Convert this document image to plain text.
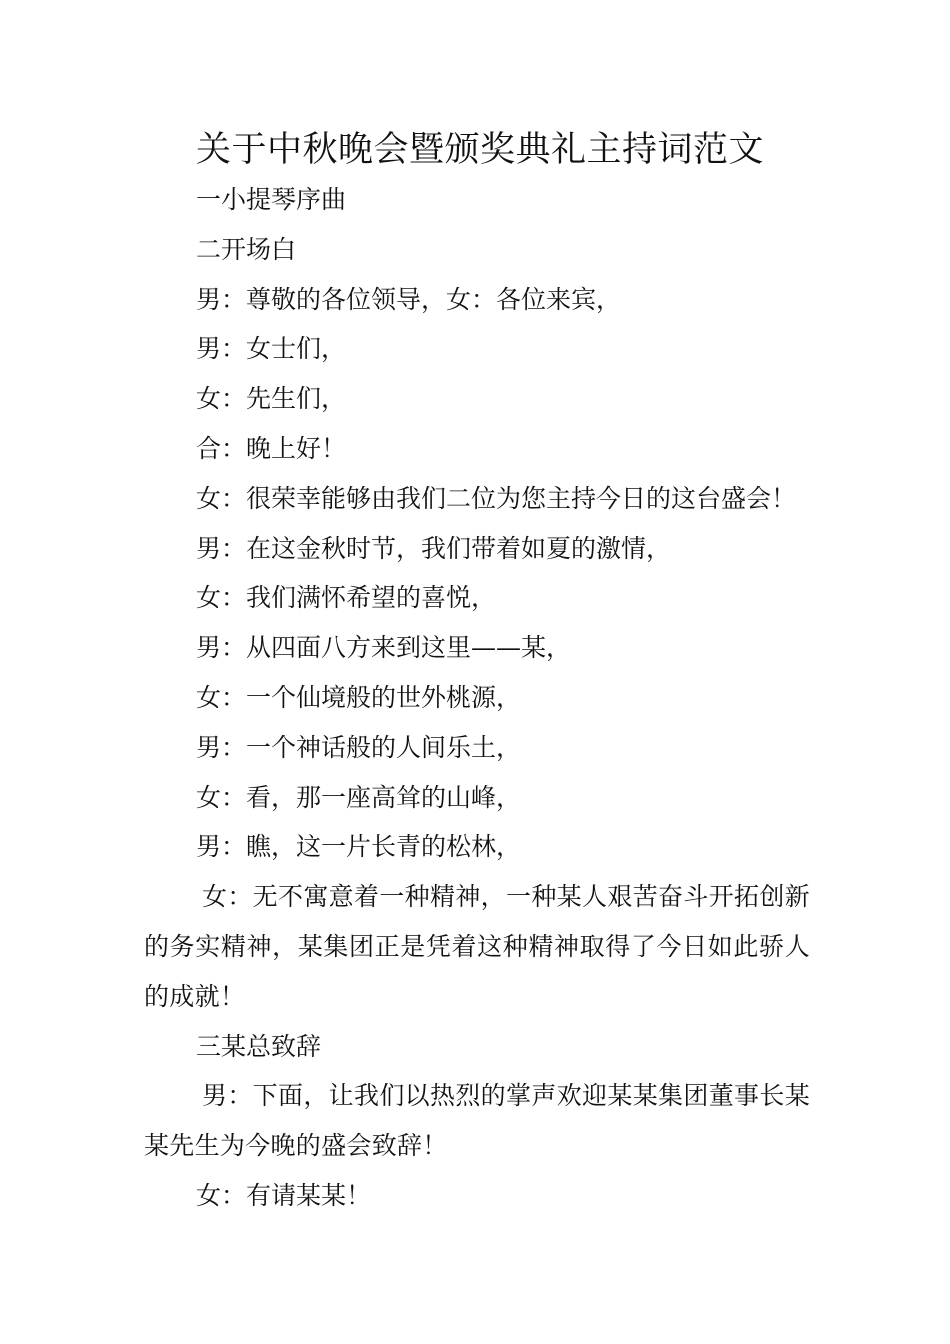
关于中秋晚会暨颁奖典礼主持词范文

一小提琴序曲

二开场白

男：尊敬的各位领导，女：各位来宾，

男：女士们，

女：先生们，

合：晚上好！

女：很荣幸能够由我们二位为您主持今日的这台盛会！

男：在这金秋时节，我们带着如夏的激情，

女：我们满怀希望的喜悦，

男：从四面八方来到这里——某，

女：一个仙境般的世外桃源，

男：一个神话般的人间乐土，

女：看，那一座高耸的山峰，

男：瞧，这一片长青的松林，

女：无不寓意着一种精神，一种某人艰苦奋斗开拓创新的务实精神，某集团正是凭着这种精神取得了今日如此骄人的成就！

三某总致辞

男：下面，让我们以热烈的掌声欢迎某某集团董事长某某先生为今晚的盛会致辞！

女：有请某某！
